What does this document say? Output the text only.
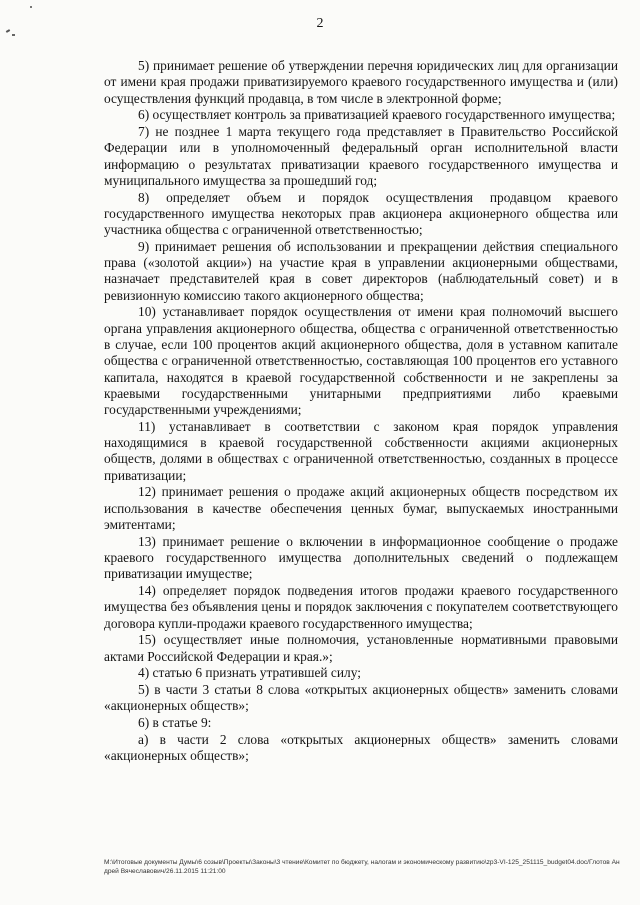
2

5) принимает решение об утверждении перечня юридических лиц для организации от имени края продажи приватизируемого краевого государственного имущества и (или) осуществления функций продавца, в том числе в электронной форме;

6) осуществляет контроль за приватизацией краевого государственного имущества;

7) не позднее 1 марта текущего года представляет в Правительство Российской Федерации или в уполномоченный федеральный орган исполнительной власти информацию о результатах приватизации краевого государственного имущества и муниципального имущества за прошедший год;

8) определяет объем и порядок осуществления продавцом краевого государственного имущества некоторых прав акционера акционерного общества или участника общества с ограниченной ответственностью;

9) принимает решения об использовании и прекращении действия специального права («золотой акции») на участие края в управлении акционерными обществами, назначает представителей края в совет директоров (наблюдательный совет) и в ревизионную комиссию такого акционерного общества;

10) устанавливает порядок осуществления от имени края полномочий высшего органа управления акционерного общества, общества с ограниченной ответственностью в случае, если 100 процентов акций акционерного общества, доля в уставном капитале общества с ограниченной ответственностью, составляющая 100 процентов его уставного капитала, находятся в краевой государственной собственности и не закреплены за краевыми государственными унитарными предприятиями либо краевыми государственными учреждениями;

11) устанавливает в соответствии с законом края порядок управления находящимися в краевой государственной собственности акциями акционерных обществ, долями в обществах с ограниченной ответственностью, созданных в процессе приватизации;

12) принимает решения о продаже акций акционерных обществ посредством их использования в качестве обеспечения ценных бумаг, выпускаемых иностранными эмитентами;

13) принимает решение о включении в информационное сообщение о продаже краевого государственного имущества дополнительных сведений о подлежащем приватизации имуществе;

14) определяет порядок подведения итогов продажи краевого государственного имущества без объявления цены и порядок заключения с покупателем соответствующего договора купли-продажи краевого государственного имущества;

15) осуществляет иные полномочия, установленные нормативными правовыми актами Российской Федерации и края.»;

4) статью 6 признать утратившей силу;

5) в части 3 статьи 8 слова «открытых акционерных обществ» заменить словами «акционерных обществ»;

6) в статье 9:

а) в части 2 слова «открытых акционерных обществ» заменить словами «акционерных обществ»;

М:\Итоговые документы Думы\6 созыв\Проекты\Законы\3 чтение\Комитет по бюджету, налогам и экономическому развитию\zp3-VI-125_251115_budget04.doc/Глотов Андрей Вячеславович/26.11.2015 11:21:00
